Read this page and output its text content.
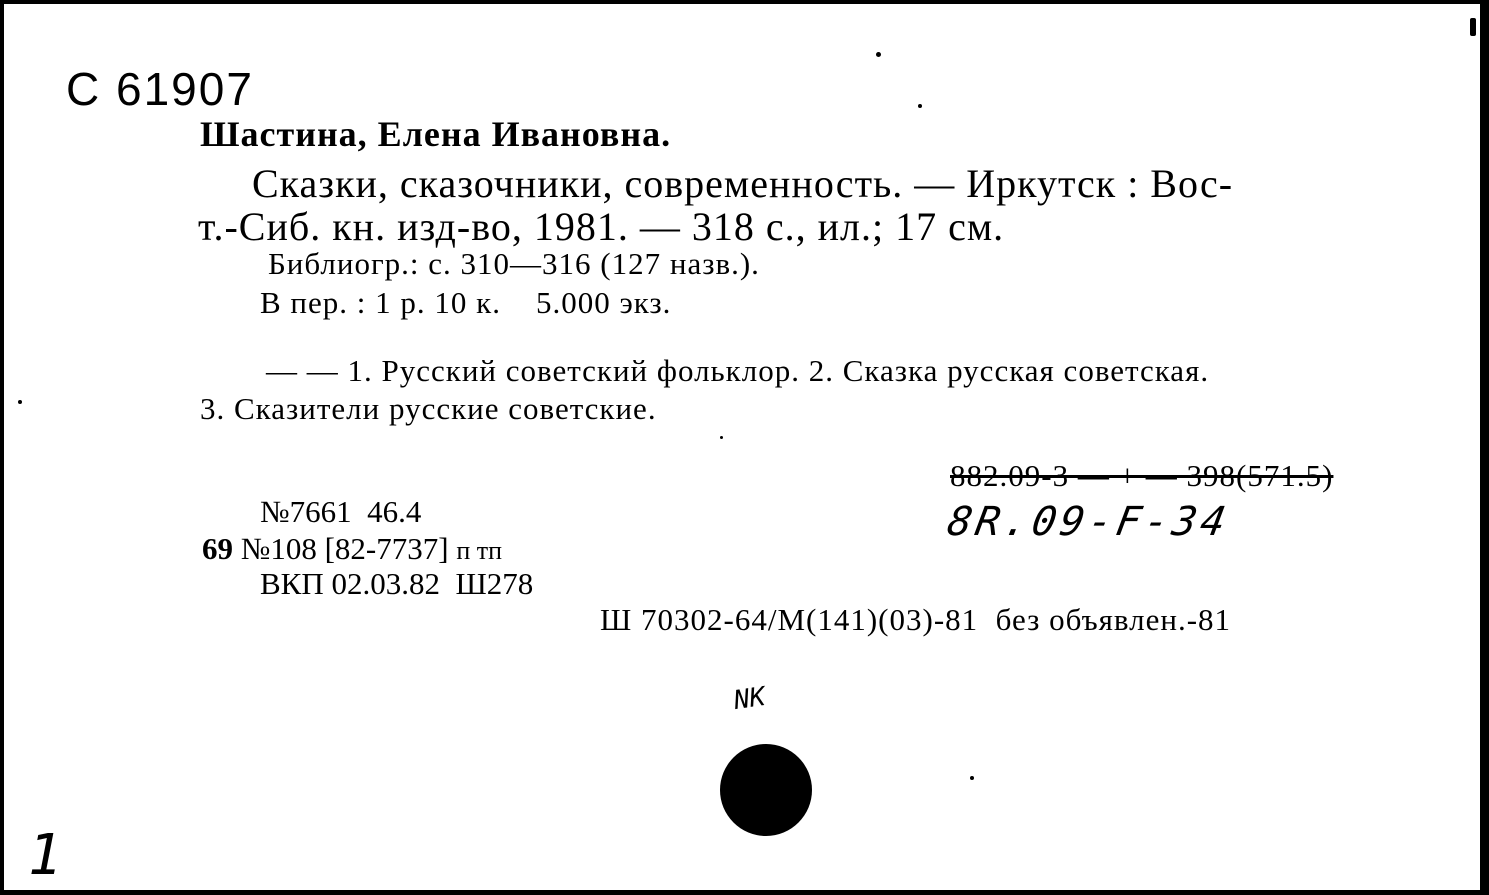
С 61907
Шастина, Елена Ивановна.
Сказки, сказочники, современность. — Иркутск : Вос-
т.-Сиб. кн. изд-во, 1981. — 318 с., ил.; 17 см.
Библиогр.: с. 310—316 (127 назв.).
В пер. : 1 р. 10 к.    5.000 экз.
— — 1. Русский советский фольклор. 2. Сказка русская советская.
3. Сказители русские советские.
882.09-3 — + — 398(571.5)
8R.09-F-34
№7661  46.4
69 №108 [82-7737] п тп
ВКП 02.03.82  Ш278
Ш 70302-64/М(141)(03)-81  без объявлен.-81
NK
1
